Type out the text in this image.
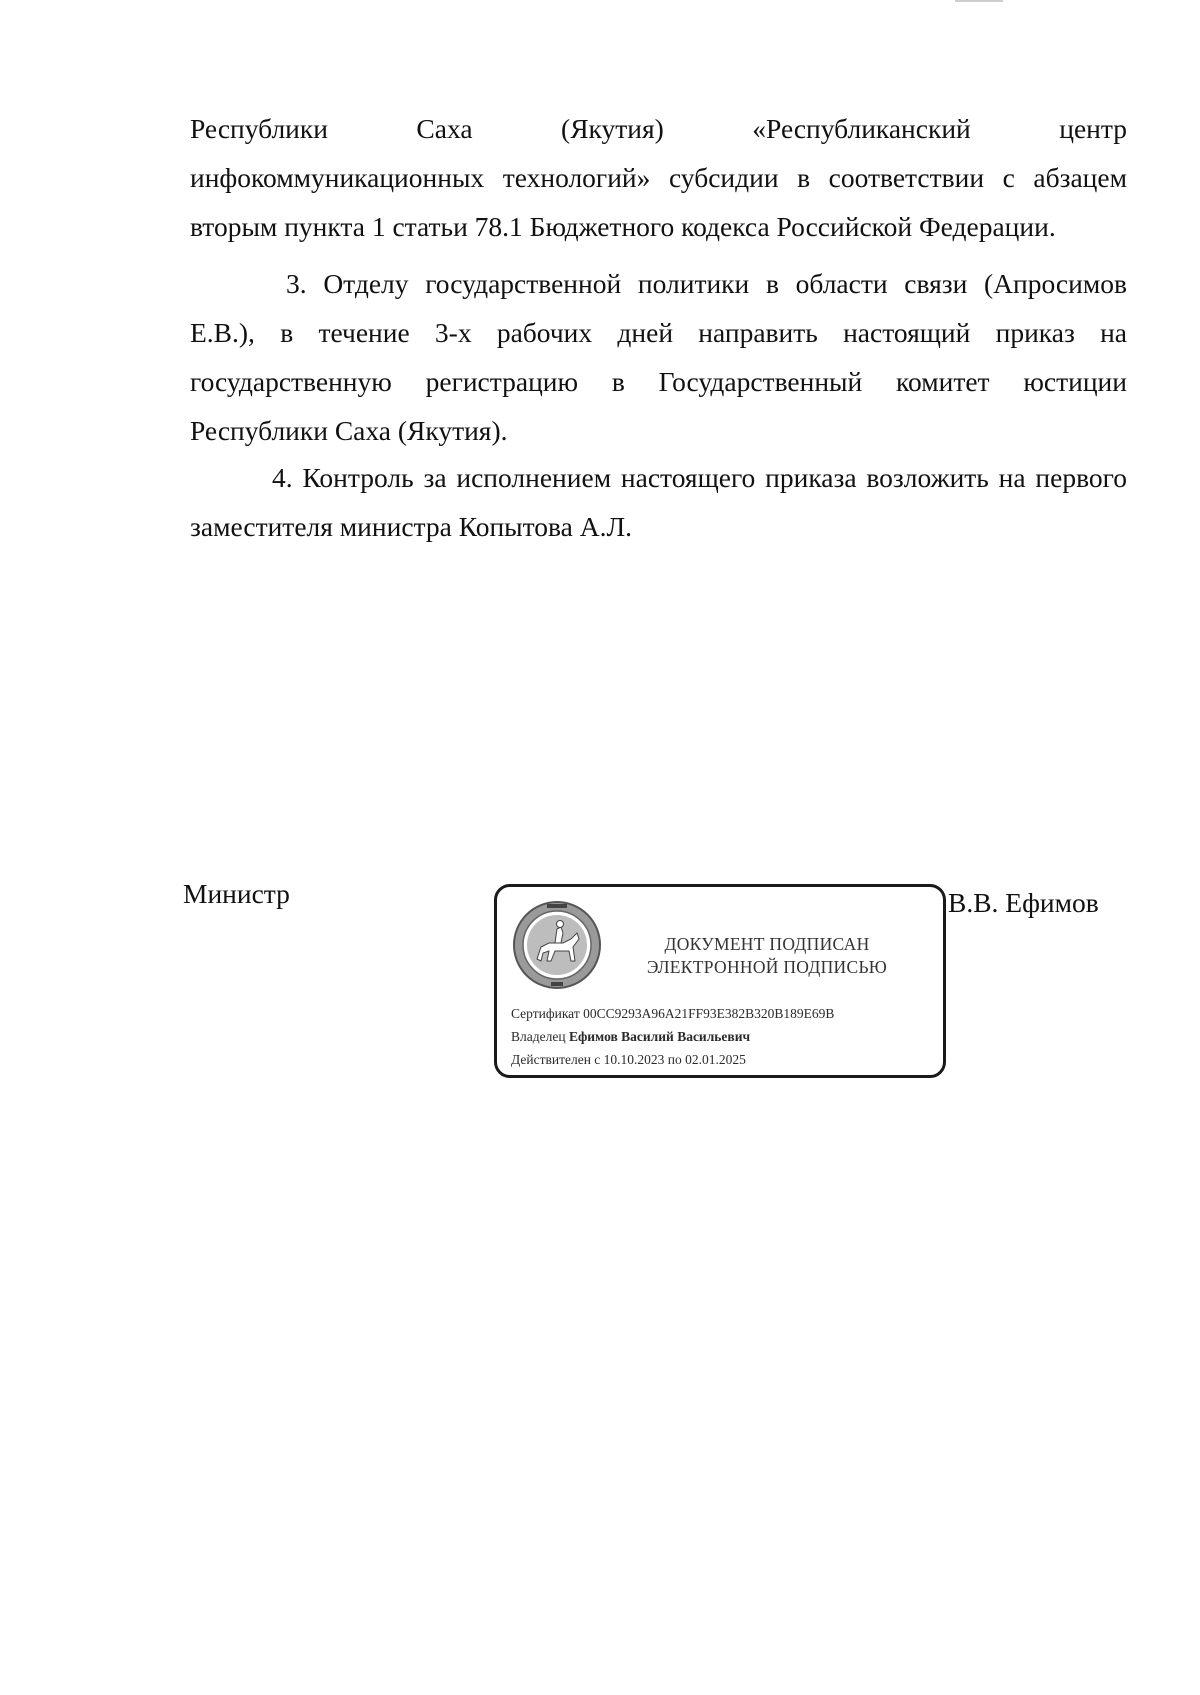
Республики Саха (Якутия) «Республиканский центр
инфокоммуникационных технологий» субсидии в соответствии с абзацем вторым пункта 1 статьи 78.1 Бюджетного кодекса Российской Федерации.

3. Отделу государственной политики в области связи (Апросимов Е.В.), в течение 3-х рабочих дней направить настоящий приказ на государственную регистрацию в Государственный комитет юстиции Республики Саха (Якутия).

4. Контроль за исполнением настоящего приказа возложить на первого заместителя министра Копытова А.Л.

Министр	В.В. Ефимов
ДОКУМЕНТ ПОДПИСАН
ЭЛЕКТРОННОЙ ПОДПИСЬЮ
Сертификат 00CC9293A96A21FF93E382B320B189E69B
Владелец Ефимов Василий Васильевич
Действителен с 10.10.2023 по 02.01.2025
